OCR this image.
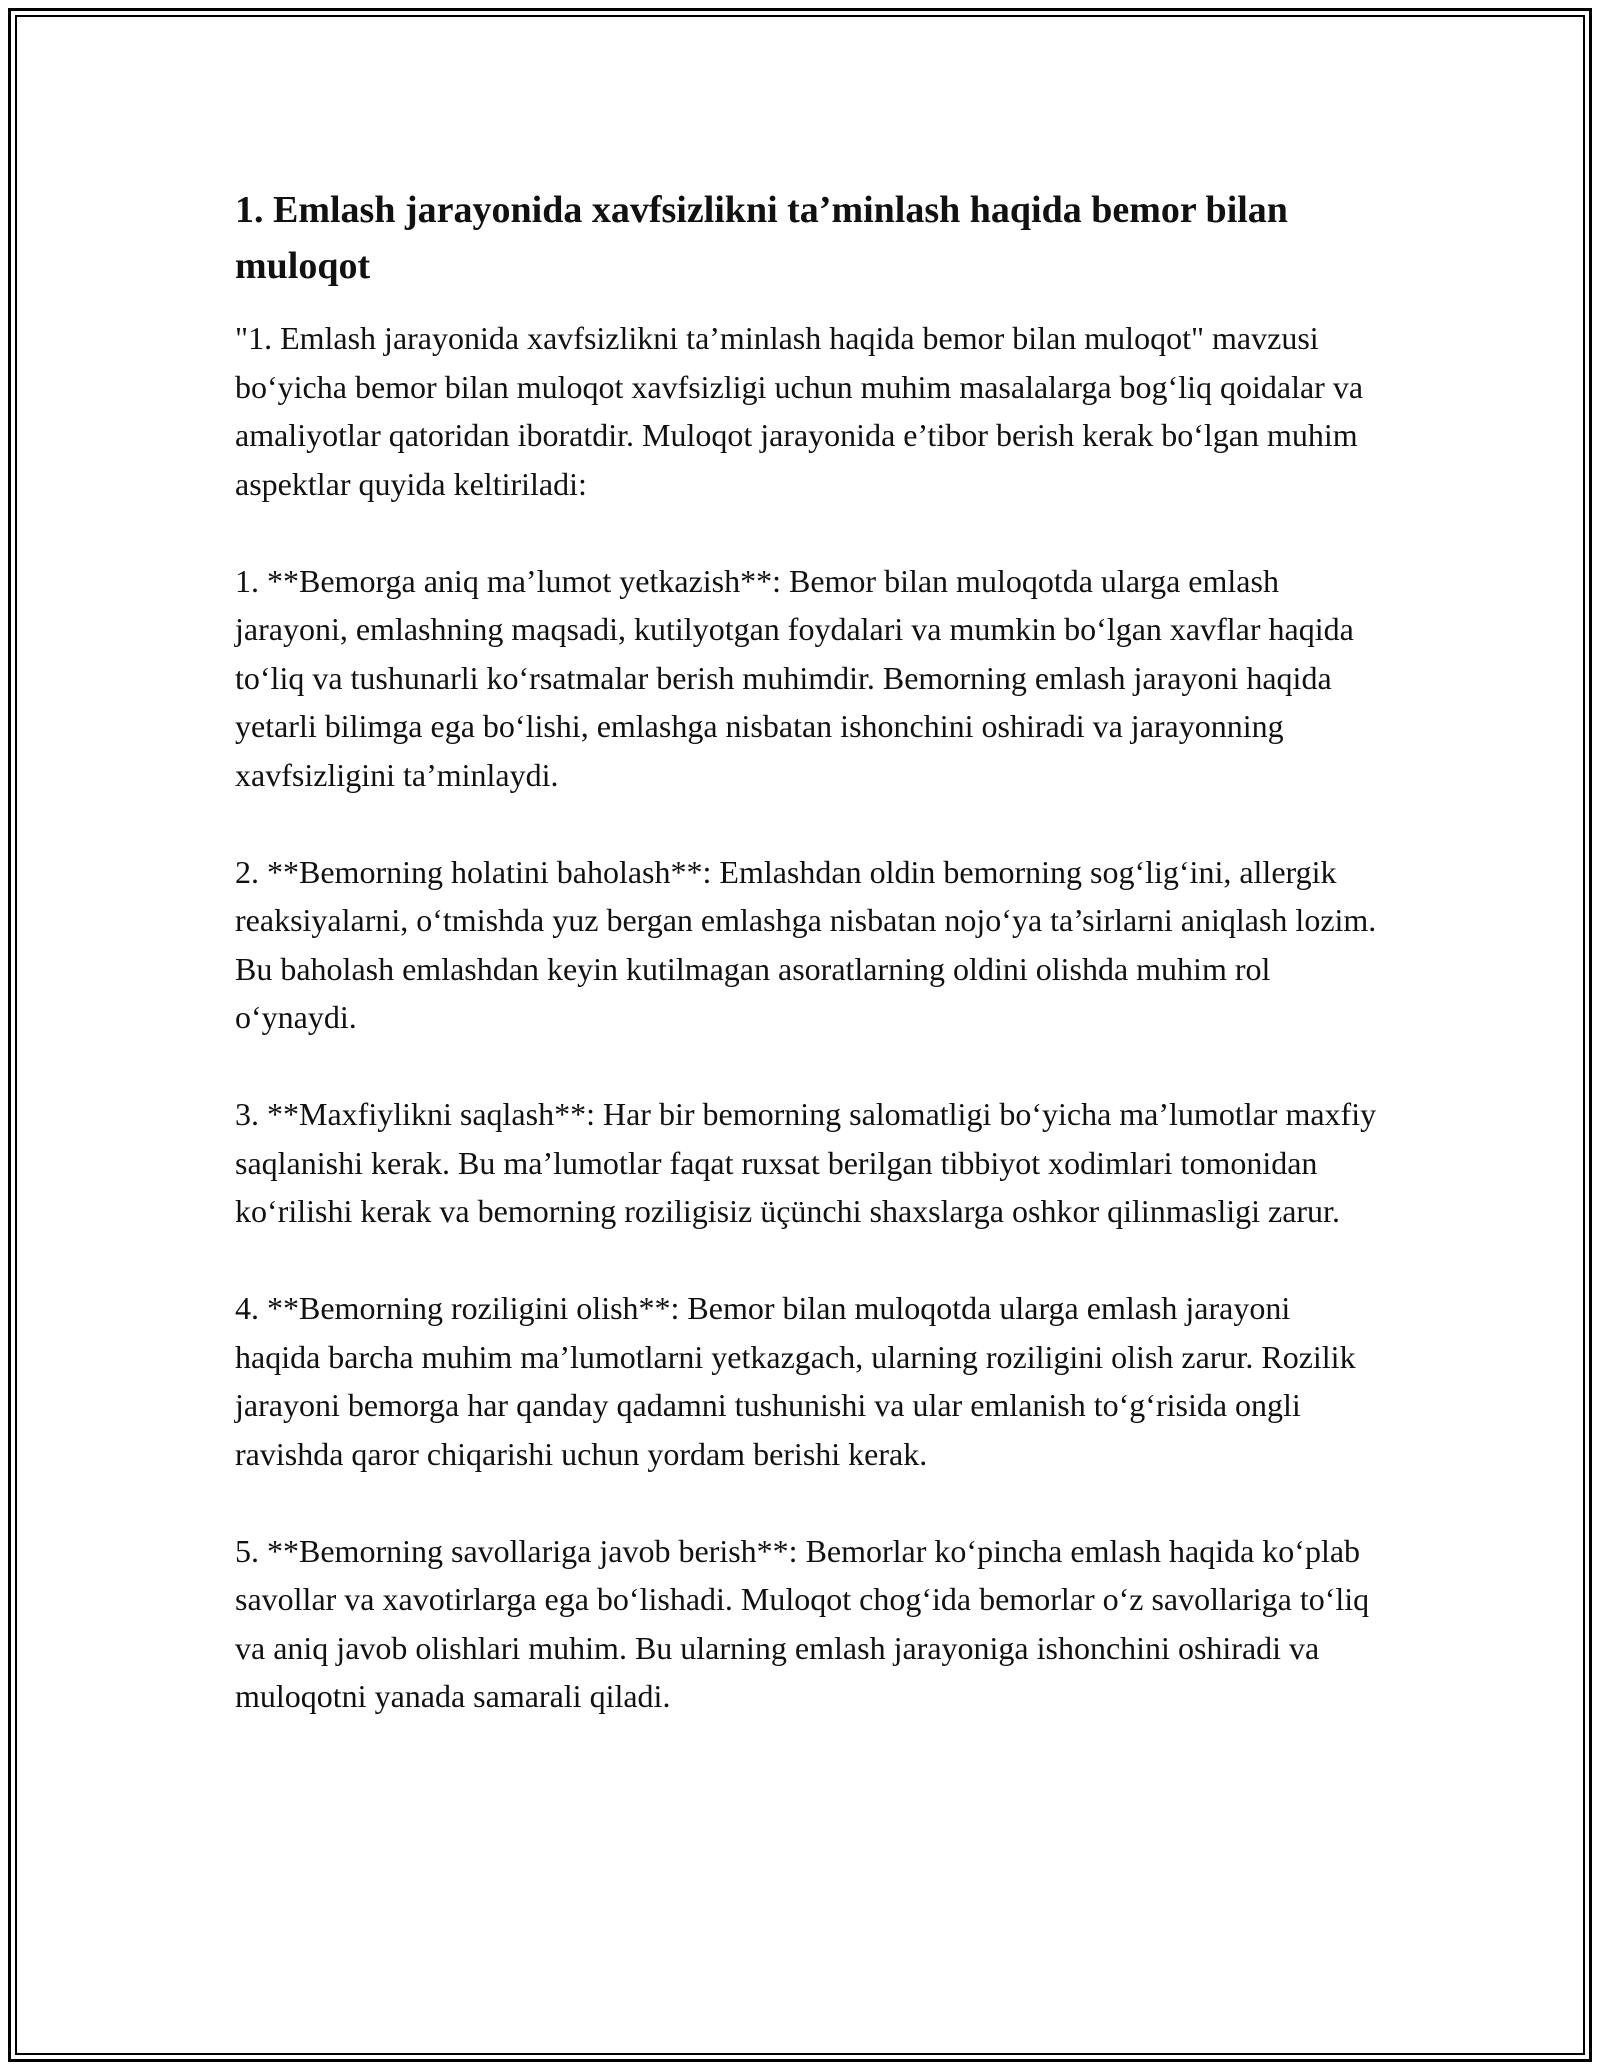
1. Emlash jarayonida xavfsizlikni ta’minlash haqida bemor bilan muloqot

"1. Emlash jarayonida xavfsizlikni ta’minlash haqida bemor bilan muloqot" mavzusi bo‘yicha bemor bilan muloqot xavfsizligi uchun muhim masalalarga bog‘liq qoidalar va amaliyotlar qatoridan iboratdir. Muloqot jarayonida e’tibor berish kerak bo‘lgan muhim aspektlar quyida keltiriladi:

1. **Bemorga aniq ma’lumot yetkazish**: Bemor bilan muloqotda ularga emlash jarayoni, emlashning maqsadi, kutilyotgan foydalari va mumkin bo‘lgan xavflar haqida to‘liq va tushunarli ko‘rsatmalar berish muhimdir. Bemorning emlash jarayoni haqida yetarli bilimga ega bo‘lishi, emlashga nisbatan ishonchini oshiradi va jarayonning xavfsizligini ta’minlaydi.

2. **Bemorning holatini baholash**: Emlashdan oldin bemorning sog‘lig‘ini, allergik reaksiyalarni, o‘tmishda yuz bergan emlashga nisbatan nojo‘ya ta’sirlarni aniqlash lozim. Bu baholash emlashdan keyin kutilmagan asoratlarning oldini olishda muhim rol o‘ynaydi.

3. **Maxfiylikni saqlash**: Har bir bemorning salomatligi bo‘yicha ma’lumotlar maxfiy saqlanishi kerak. Bu ma’lumotlar faqat ruxsat berilgan tibbiyot xodimlari tomonidan ko‘rilishi kerak va bemorning roziligisiz üçünchi shaxslarga oshkor qilinmasligi zarur.

4. **Bemorning roziligini olish**: Bemor bilan muloqotda ularga emlash jarayoni haqida barcha muhim ma’lumotlarni yetkazgach, ularning roziligini olish zarur. Rozilik jarayoni bemorga har qanday qadamni tushunishi va ular emlanish to‘g‘risida ongli ravishda qaror chiqarishi uchun yordam berishi kerak.

5. **Bemorning savollariga javob berish**: Bemorlar ko‘pincha emlash haqida ko‘plab savollar va xavotirlarga ega bo‘lishadi. Muloqot chog‘ida bemorlar o‘z savollariga to‘liq va aniq javob olishlari muhim. Bu ularning emlash jarayoniga ishonchini oshiradi va muloqotni yanada samarali qiladi.
